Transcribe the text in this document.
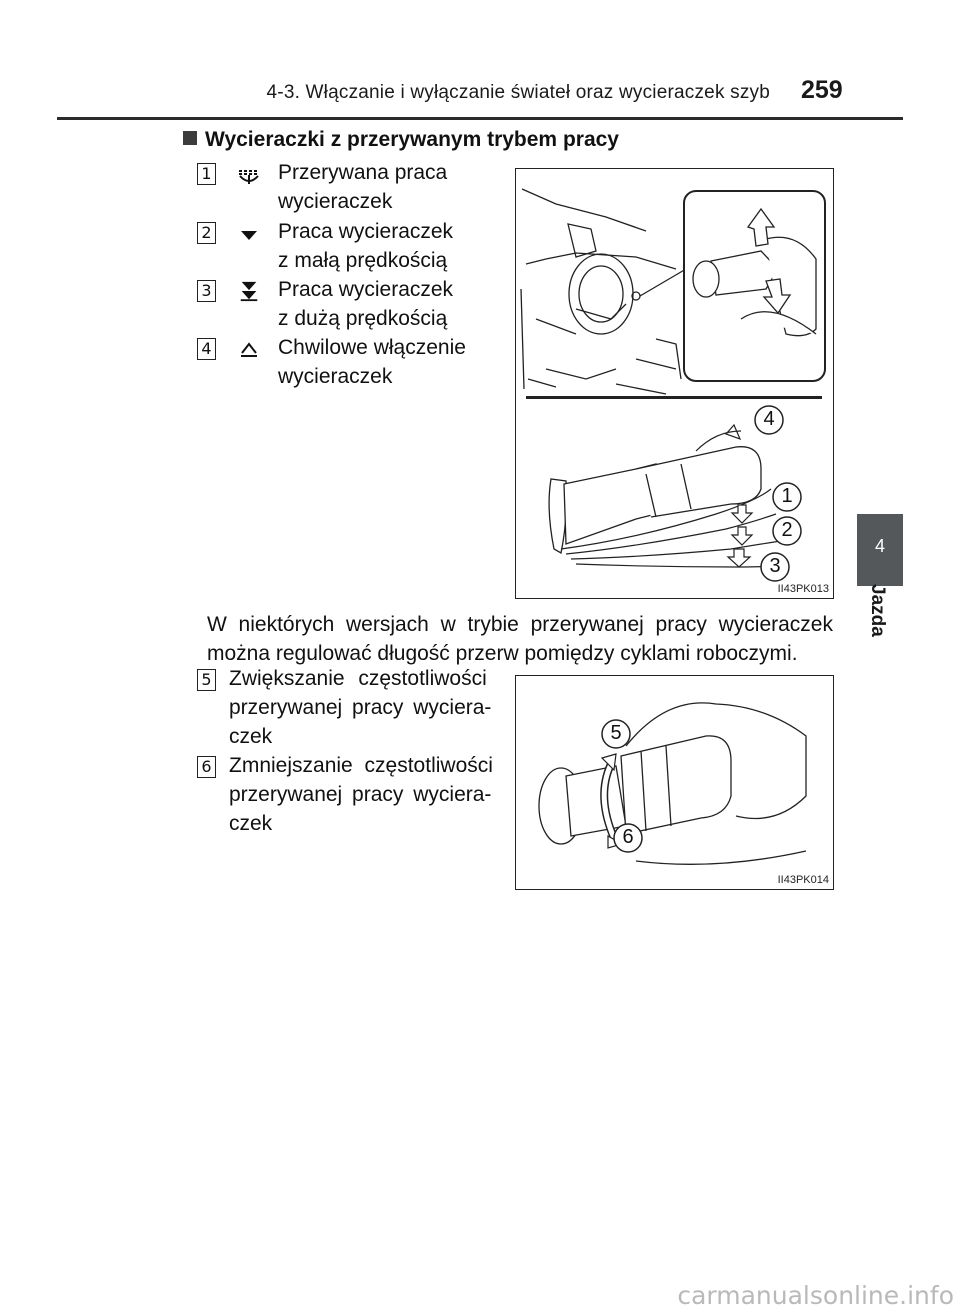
259
4-3. Włączanie i wyłączanie świateł oraz wycieraczek szyb
4
Jazda
Wycieraczki z przerywanym trybem pracy
1	Przerywana praca
wycieraczek
2	Praca wycieraczek
z małą prędkością
3	Praca wycieraczek
z dużą prędkością
4	Chwilowe włączenie
wycieraczek
4
1
2
3
II43PK013
W niektórych wersjach w trybie przerywanej pracy wycieraczek można regulować długość przerw pomiędzy cyklami roboczymi.
5 Zwiększanie częstotliwości
przerywanej pracy wyciera-
czek
6 Zmniejszanie częstotliwości
przerywanej pracy wyciera-
czek
5
6
II43PK014
carmanualsonline.info
